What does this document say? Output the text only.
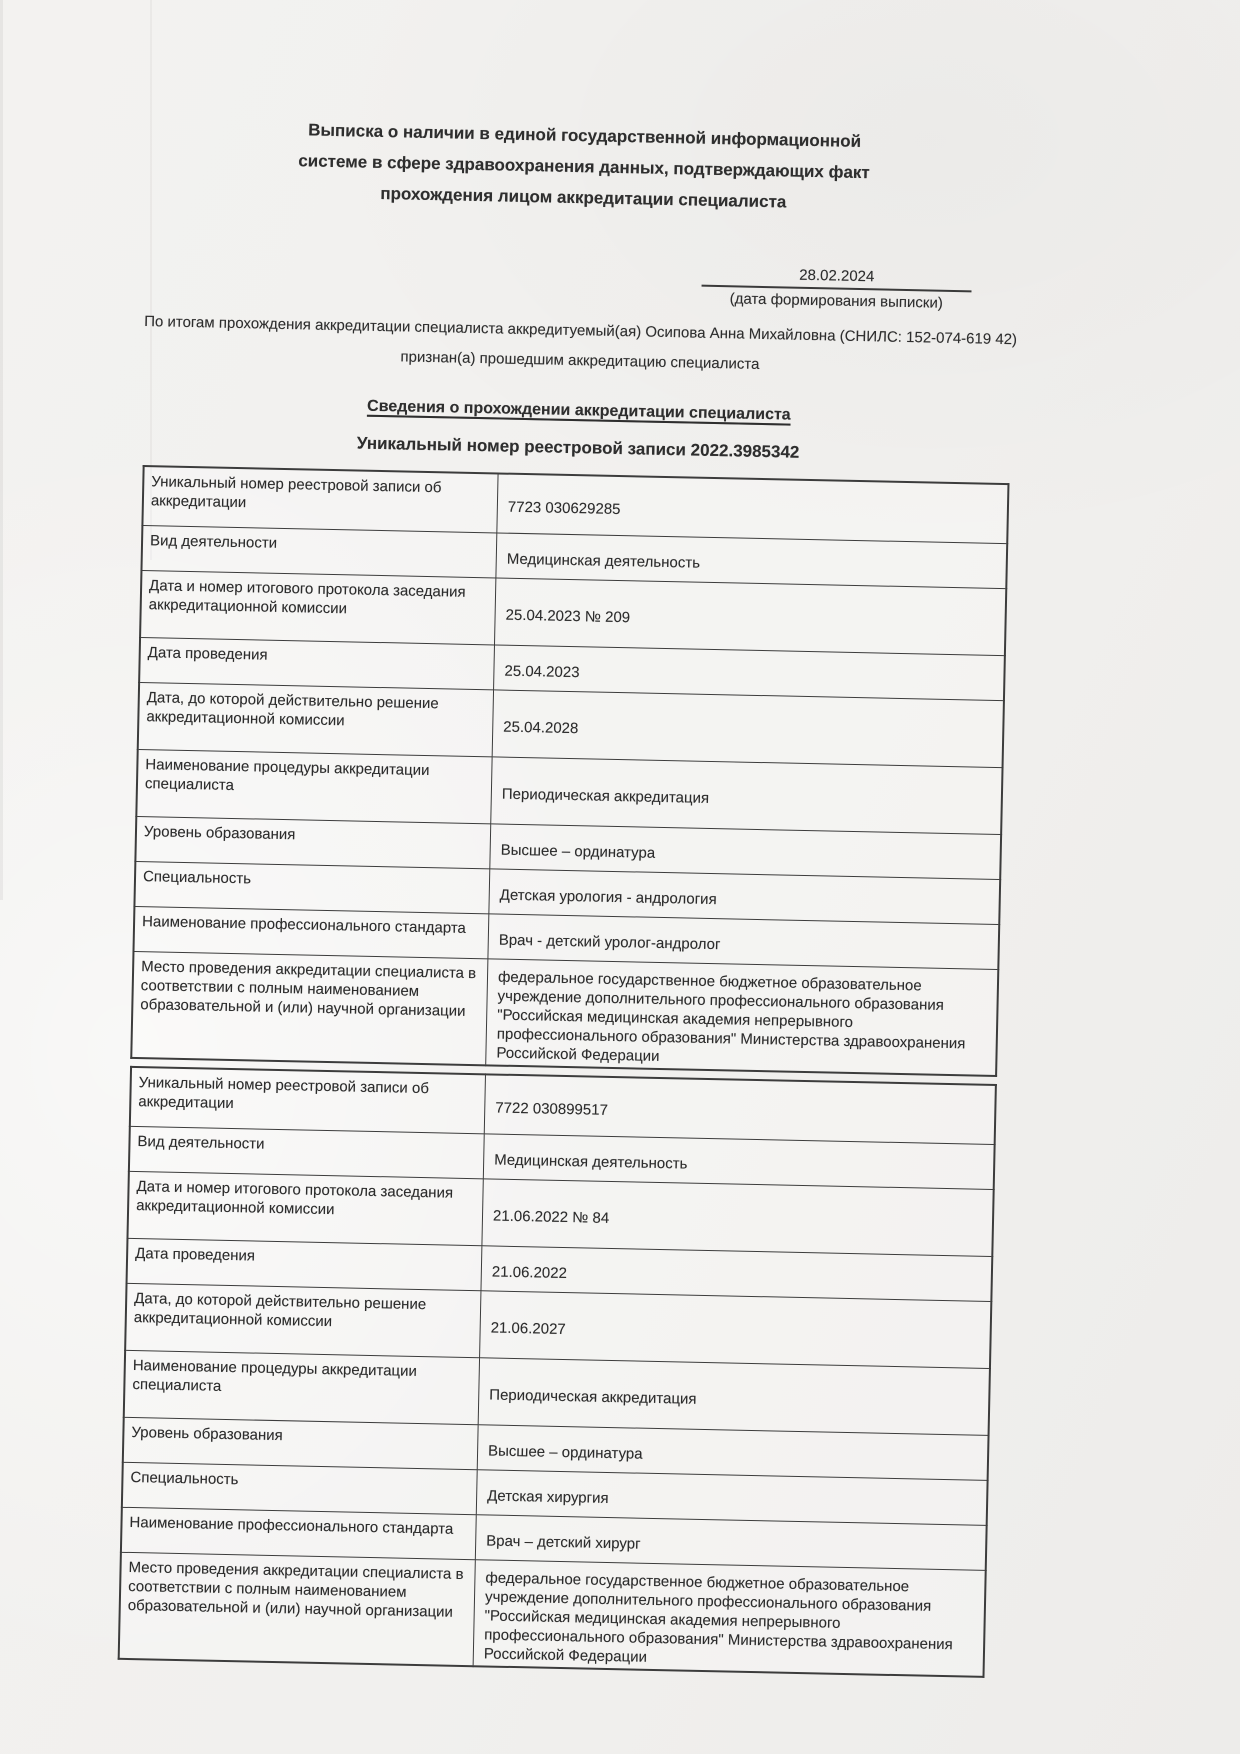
Выписка о наличии в единой государственной информационной
системе в сфере здравоохранения данных, подтверждающих факт
прохождения лицом аккредитации специалиста
28.02.2024
(дата формирования выписки)
По итогам прохождения аккредитации специалиста аккредитуемый(ая) Осипова Анна Михайловна (СНИЛС: 152-074-619 42)
признан(а) прошедшим аккредитацию специалиста
Сведения о прохождении аккредитации специалиста
Уникальный номер реестровой записи 2022.3985342
Уникальный номер реестровой записи об аккредитации	7723 030629285
Вид деятельности	Медицинская деятельность
Дата и номер итогового протокола заседания аккредитационной комиссии	25.04.2023 № 209
Дата проведения	25.04.2023
Дата, до которой действительно решение аккредитационной комиссии	25.04.2028
Наименование процедуры аккредитации специалиста	Периодическая аккредитация
Уровень образования	Высшее – ординатура
Специальность	Детская урология - андрология
Наименование профессионального стандарта	Врач - детский уролог-андролог
Место проведения аккредитации специалиста в соответствии с полным наименованием образовательной и (или) научной организации	федеральное государственное бюджетное образовательное учреждение дополнительного профессионального образования "Российская медицинская академия непрерывного профессионального образования" Министерства здравоохранения Российской Федерации
Уникальный номер реестровой записи об аккредитации	7722 030899517
Вид деятельности	Медицинская деятельность
Дата и номер итогового протокола заседания аккредитационной комиссии	21.06.2022 № 84
Дата проведения	21.06.2022
Дата, до которой действительно решение аккредитационной комиссии	21.06.2027
Наименование процедуры аккредитации специалиста	Периодическая аккредитация
Уровень образования	Высшее – ординатура
Специальность	Детская хирургия
Наименование профессионального стандарта	Врач – детский хирург
Место проведения аккредитации специалиста в соответствии с полным наименованием образовательной и (или) научной организации	федеральное государственное бюджетное образовательное учреждение дополнительного профессионального образования "Российская медицинская академия непрерывного профессионального образования" Министерства здравоохранения Российской Федерации
